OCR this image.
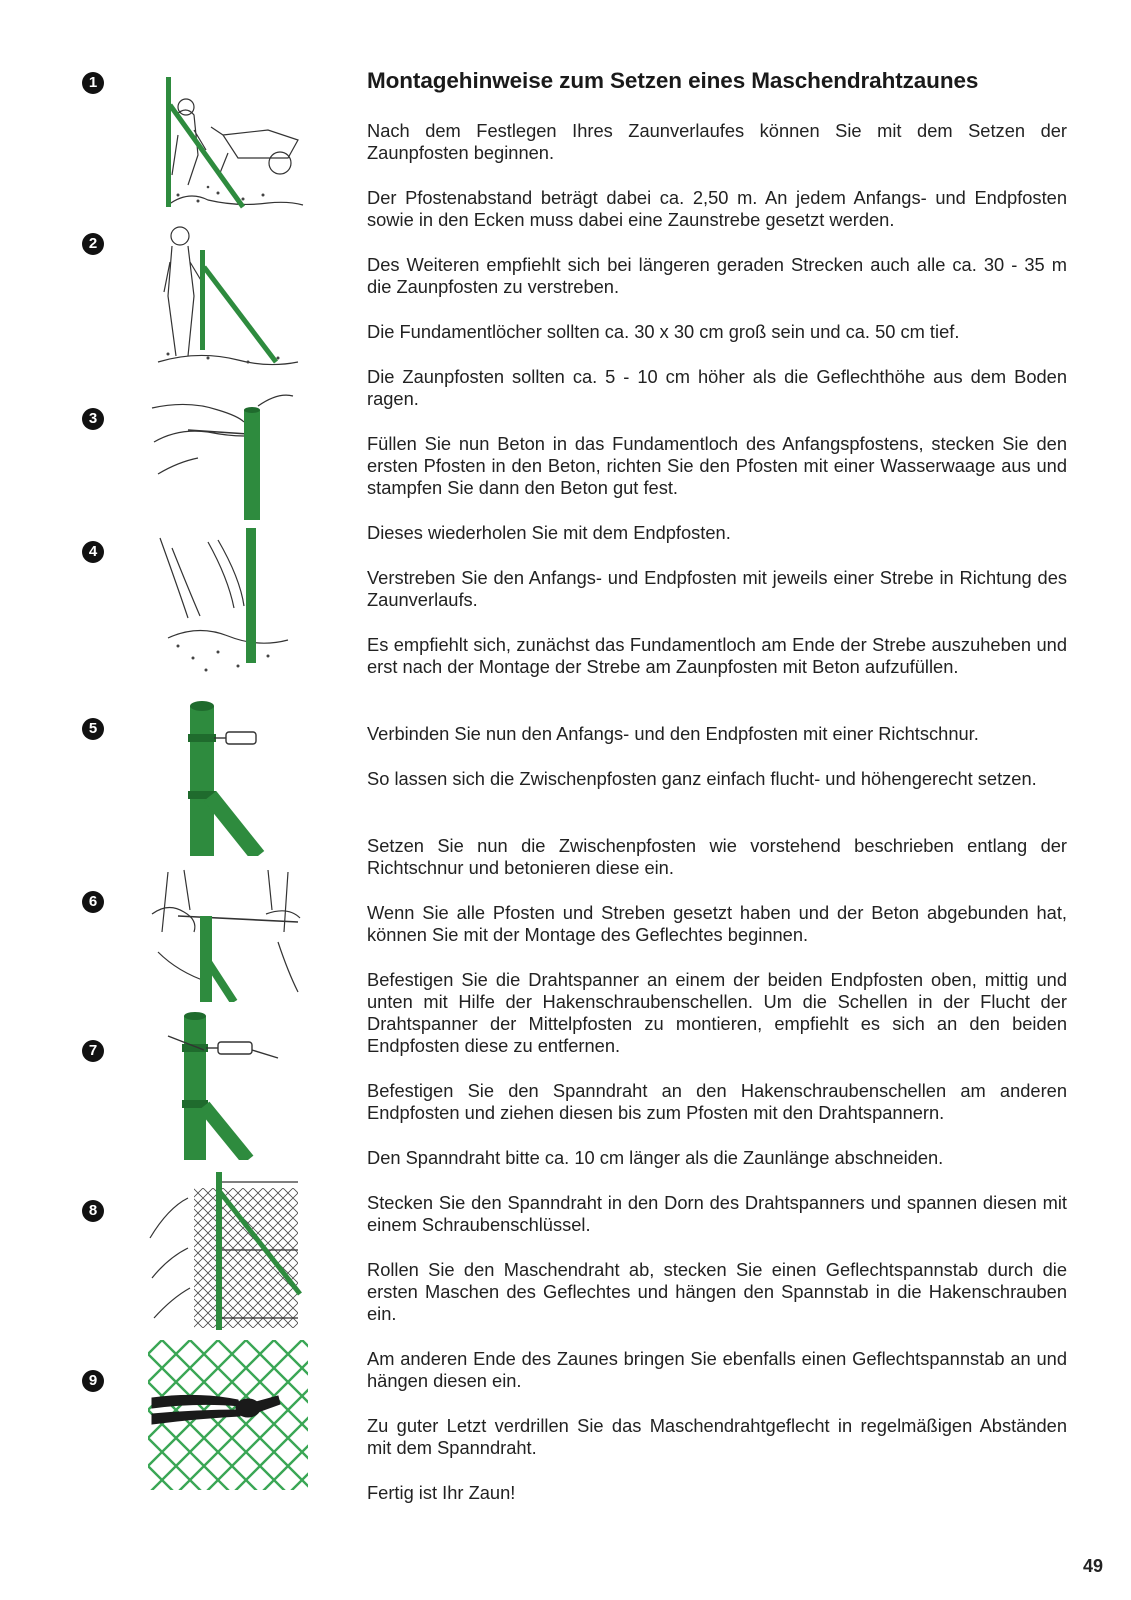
1
2
3
4
5
6
7
8
9
Montagehinweise zum Setzen eines Maschendrahtzaunes

Nach dem Festlegen Ihres Zaunverlaufes können Sie mit dem Setzen der Zaunpfosten beginnen.

Der Pfostenabstand beträgt dabei ca. 2,50 m. An jedem Anfangs- und Endpfosten sowie in den Ecken muss dabei eine Zaunstrebe gesetzt werden.

Des Weiteren empfiehlt sich bei längeren geraden Strecken auch alle ca. 30 - 35 m die Zaunpfosten zu verstreben.

Die Fundamentlöcher sollten ca. 30 x 30 cm groß sein und ca. 50 cm tief.

Die Zaunpfosten sollten ca. 5 - 10 cm höher als die Geflechthöhe aus dem Boden ragen.

Füllen Sie nun Beton in das Fundamentloch des Anfangspfostens, stecken Sie den ersten Pfosten in den Beton, richten Sie den Pfosten mit einer Wasserwaage aus und stampfen Sie dann den Beton gut fest.

Dieses wiederholen Sie mit dem Endpfosten.

Verstreben Sie den Anfangs- und Endpfosten mit jeweils einer Strebe in Richtung des Zaunverlaufs.

Es empfiehlt sich, zunächst das Fundamentloch am Ende der Strebe auszuheben und erst nach der Montage der Strebe am Zaunpfosten mit Beton aufzufüllen.

Verbinden Sie nun den Anfangs- und den Endpfosten mit einer Richtschnur.

So lassen sich die Zwischenpfosten ganz einfach flucht- und höhengerecht setzen.

Setzen Sie nun die Zwischenpfosten wie vorstehend beschrieben entlang der Richtschnur und betonieren diese ein.

Wenn Sie alle Pfosten und Streben gesetzt haben und der Beton abgebunden hat, können Sie mit der Montage des Geflechtes beginnen.

Befestigen Sie die Drahtspanner an einem der beiden Endpfosten oben, mittig und unten mit Hilfe der Hakenschraubenschellen. Um die Schellen in der Flucht der Drahtspanner der Mittelpfosten zu montieren, empfiehlt es sich an den beiden Endpfosten diese zu entfernen.

Befestigen Sie den Spanndraht an den Hakenschraubenschellen am anderen Endpfosten und ziehen diesen bis zum Pfosten mit den Drahtspannern.

Den Spanndraht bitte ca. 10 cm länger als die Zaunlänge abschneiden.

Stecken Sie den Spanndraht in den Dorn des Drahtspanners und spannen diesen mit einem Schraubenschlüssel.

Rollen Sie den Maschendraht ab, stecken Sie einen Geflechtspannstab durch die ersten Maschen des Geflechtes und hängen den Spannstab in die Hakenschrauben ein.

Am anderen Ende des Zaunes bringen Sie ebenfalls einen Geflechtspannstab an und hängen diesen ein.

Zu guter Letzt verdrillen Sie das Maschendrahtgeflecht in regelmäßigen Abständen mit dem Spanndraht.

Fertig ist Ihr Zaun!

49
